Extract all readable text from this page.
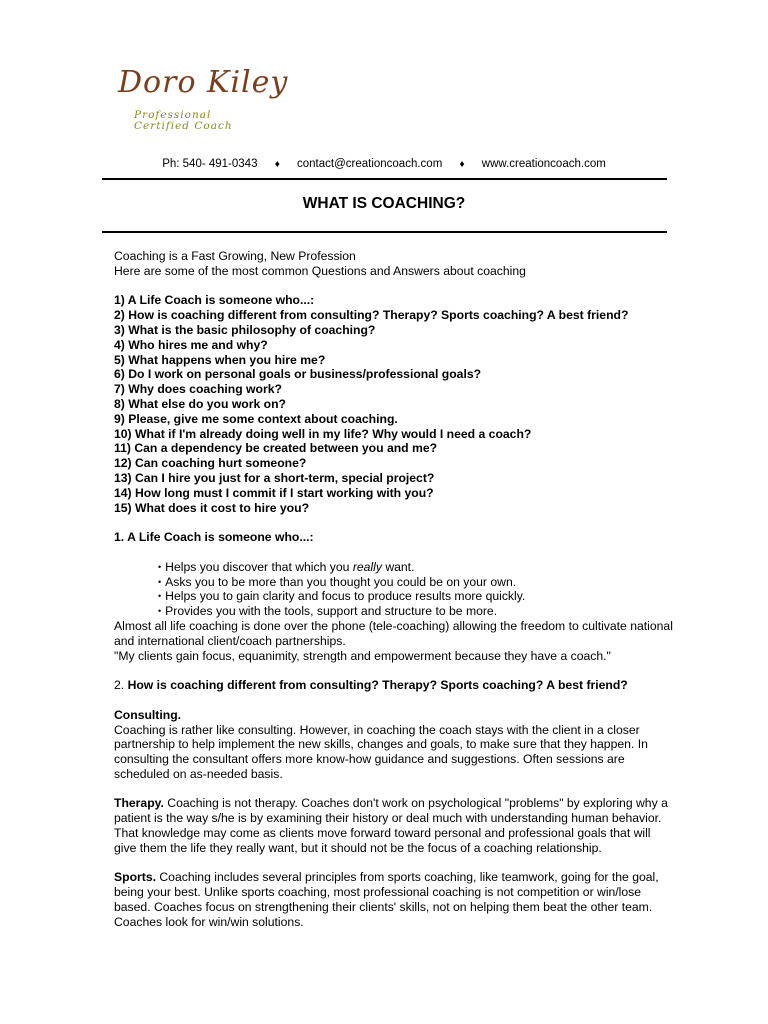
Doro Kiley
Professional
Certified Coach
Ph: 540- 491-0343 ♦ contact@creationcoach.com ♦ www.creationcoach.com
WHAT IS COACHING?

Coaching is a Fast Growing, New Profession

Here are some of the most common Questions and Answers about coaching

1) A Life Coach is someone who...:

2) How is coaching different from consulting? Therapy? Sports coaching? A best friend?

3) What is the basic philosophy of coaching?

4) Who hires me and why?

5) What happens when you hire me?

6) Do I work on personal goals or business/professional goals?

7) Why does coaching work?

8) What else do you work on?

9) Please, give me some context about coaching.

10) What if I'm already doing well in my life? Why would I need a coach?

11) Can a dependency be created between you and me?

12) Can coaching hurt someone?

13) Can I hire you just for a short-term, special project?

14) How long must I commit if I start working with you?

15) What does it cost to hire you?

1. A Life Coach is someone who...:

• Helps you discover that which you really want.
• Asks you to be more than you thought you could be on your own.
• Helps you to gain clarity and focus to produce results more quickly.
• Provides you with the tools, support and structure to be more.

Almost all life coaching is done over the phone (tele-coaching) allowing the freedom to cultivate national and international client/coach partnerships.

"My clients gain focus, equanimity, strength and empowerment because they have a coach."

2. How is coaching different from consulting? Therapy? Sports coaching? A best friend?

Consulting.

Coaching is rather like consulting. However, in coaching the coach stays with the client in a closer partnership to help implement the new skills, changes and goals, to make sure that they happen. In consulting the consultant offers more know-how guidance and suggestions. Often sessions are scheduled on as-needed basis.

Therapy. Coaching is not therapy. Coaches don't work on psychological "problems" by exploring why a patient is the way s/he is by examining their history or deal much with understanding human behavior. That knowledge may come as clients move forward toward personal and professional goals that will give them the life they really want, but it should not be the focus of a coaching relationship.

Sports. Coaching includes several principles from sports coaching, like teamwork, going for the goal, being your best. Unlike sports coaching, most professional coaching is not competition or win/lose based. Coaches focus on strengthening their clients' skills, not on helping them beat the other team. Coaches look for win/win solutions.
